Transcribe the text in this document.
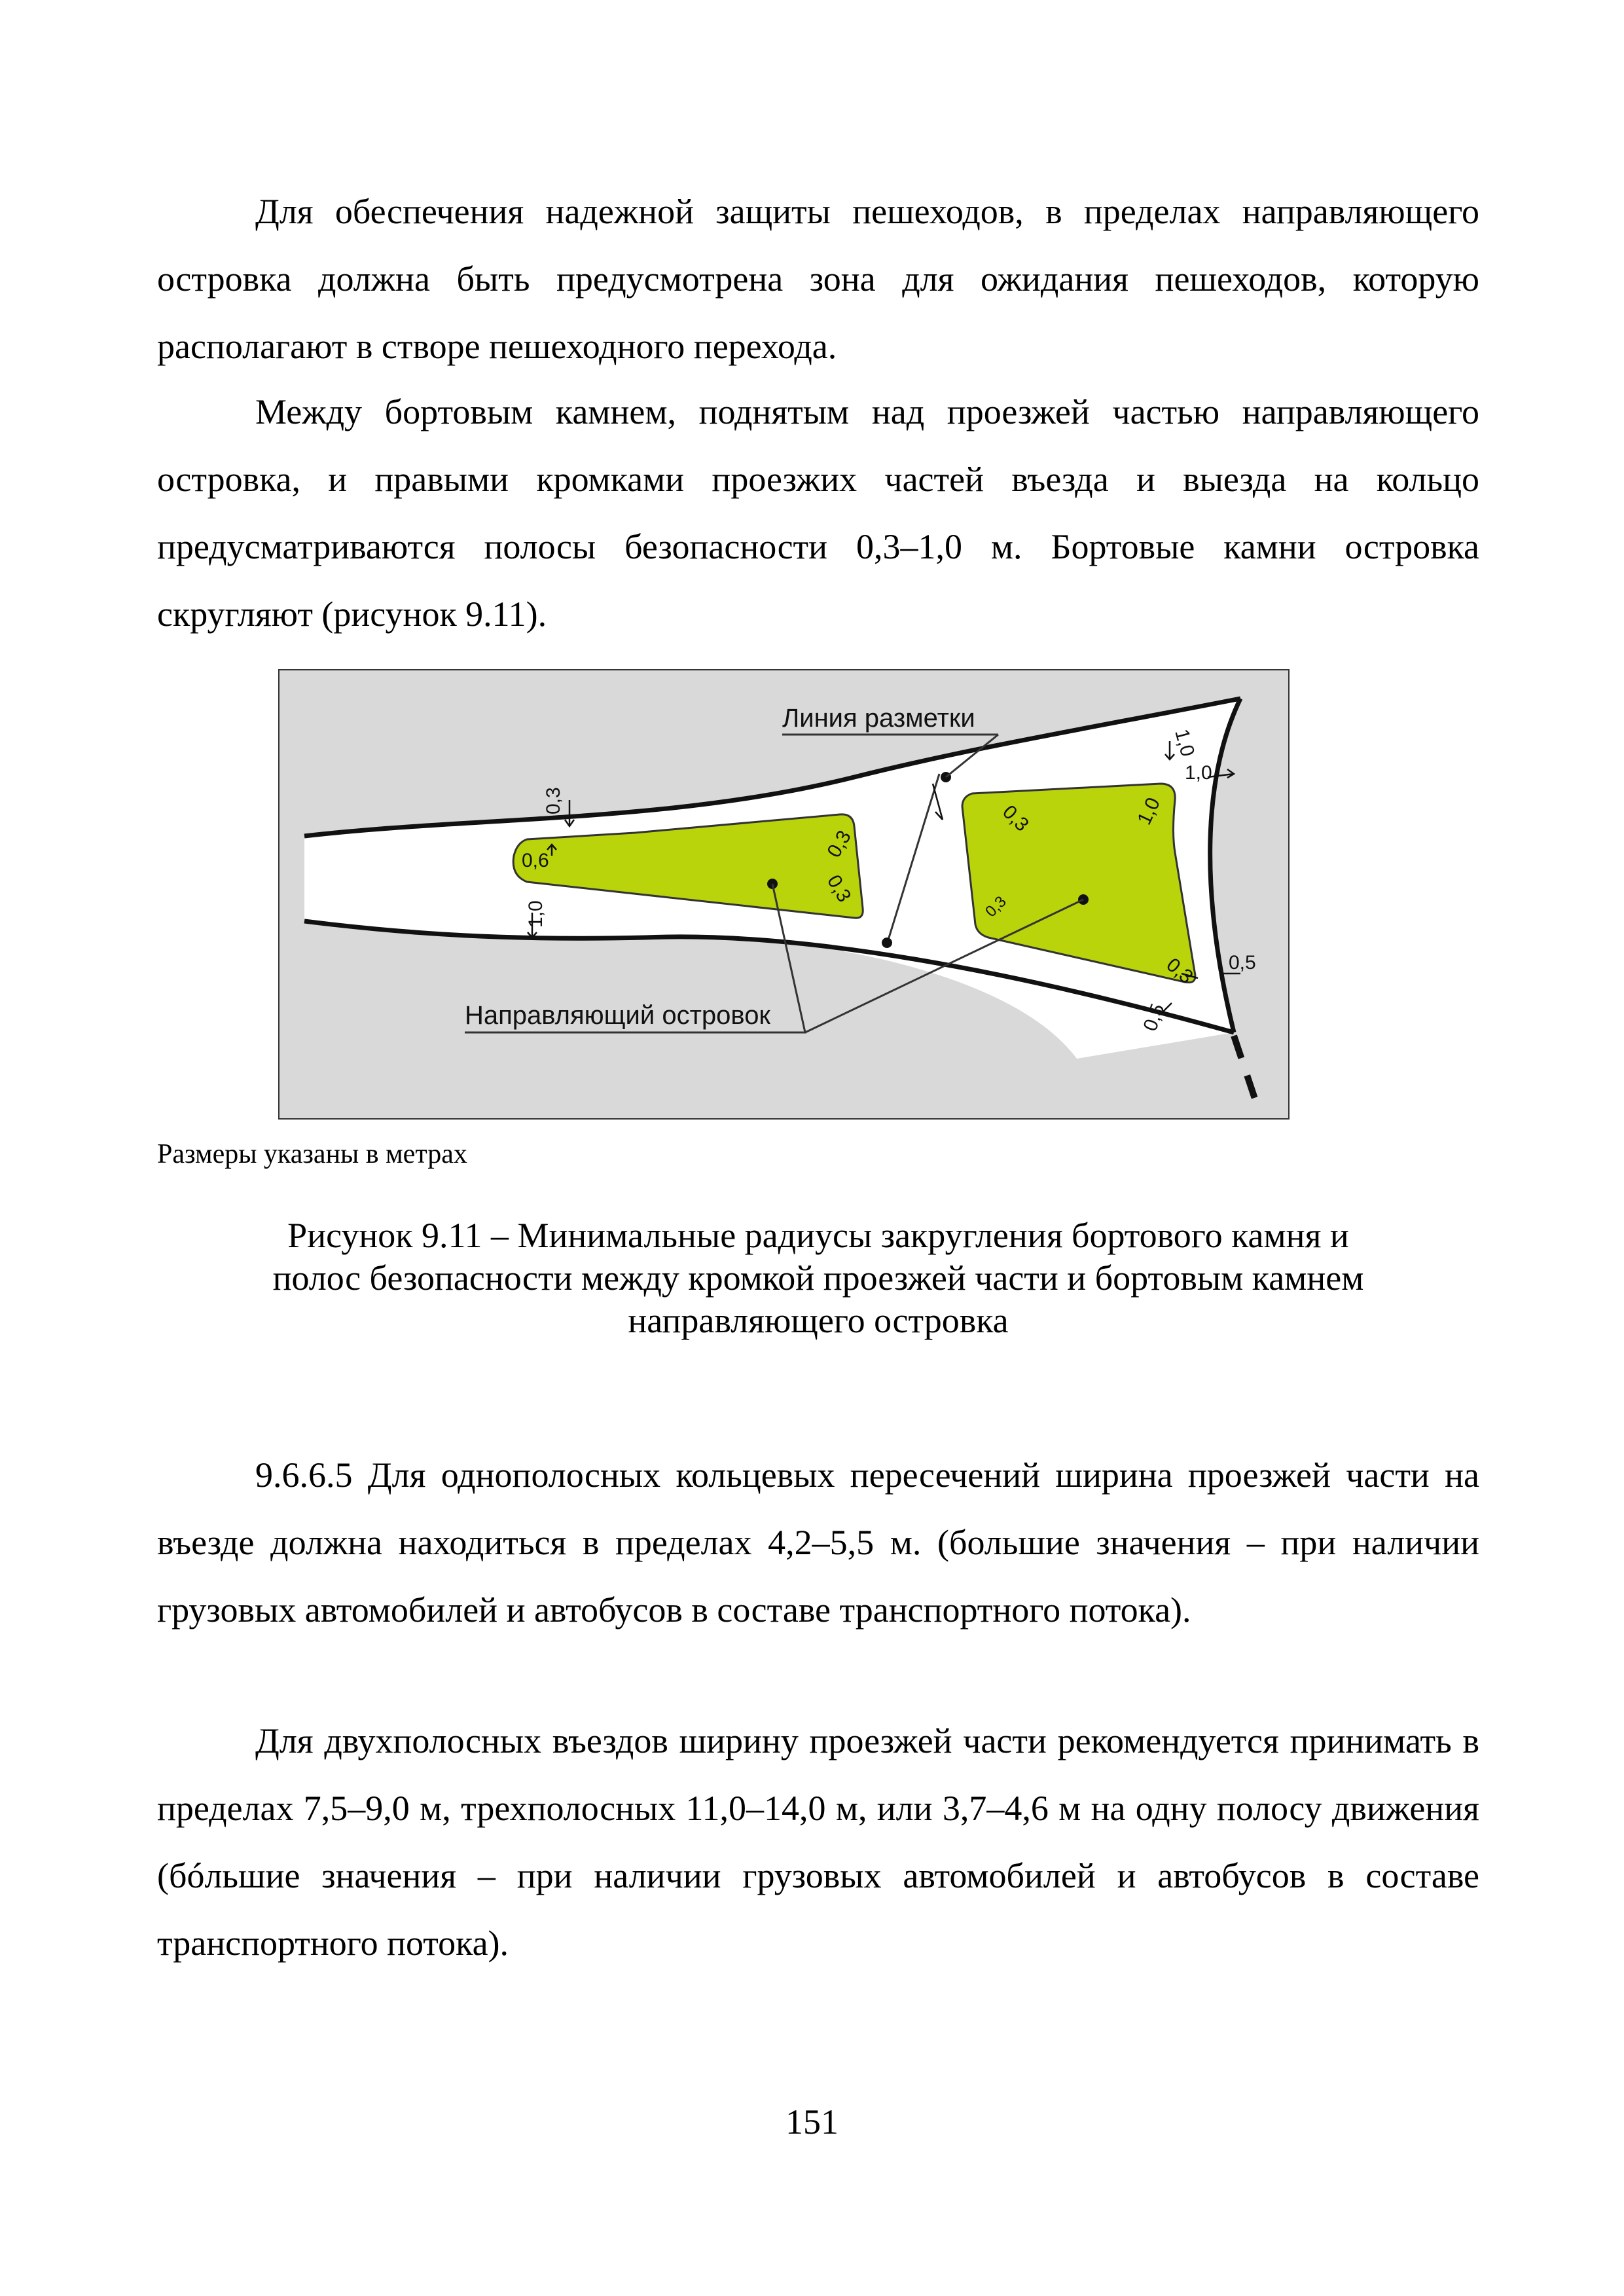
Для обеспечения надежной защиты пешеходов, в пределах направляющего островка должна быть предусмотрена зона для ожидания пешеходов, которую располагают в створе пешеходного перехода.

Между бортовым камнем, поднятым над проезжей частью направляющего островка, и правыми кромками проезжих частей въезда и выезда на кольцо предусматриваются полосы безопасности 0,3–1,0 м. Бортовые камни островка скругляют (рисунок 9.11).

Линия разметки
Направляющий островок
0,3
0,6
1,0
0,3
0,3
0,3
1,0
1,0
1,0
0,3
0,3 0,5
0,5
Размеры указаны в метрах
Рисунок 9.11 – Минимальные радиусы закругления бортового камня и
полос безопасности между кромкой проезжей части и бортовым камнем
направляющего островка

9.6.6.5 Для однополосных кольцевых пересечений ширина проезжей части на въезде должна находиться в пределах 4,2–5,5 м. (большие значения – при наличии грузовых автомобилей и автобусов в составе транспортного потока).

Для двухполосных въездов ширину проезжей части рекомендуется принимать в пределах 7,5–9,0 м, трехполосных 11,0–14,0 м, или 3,7–4,6 м на одну полосу движения (бóльшие значения – при наличии грузовых автомобилей и автобусов в составе транспортного потока).

151
